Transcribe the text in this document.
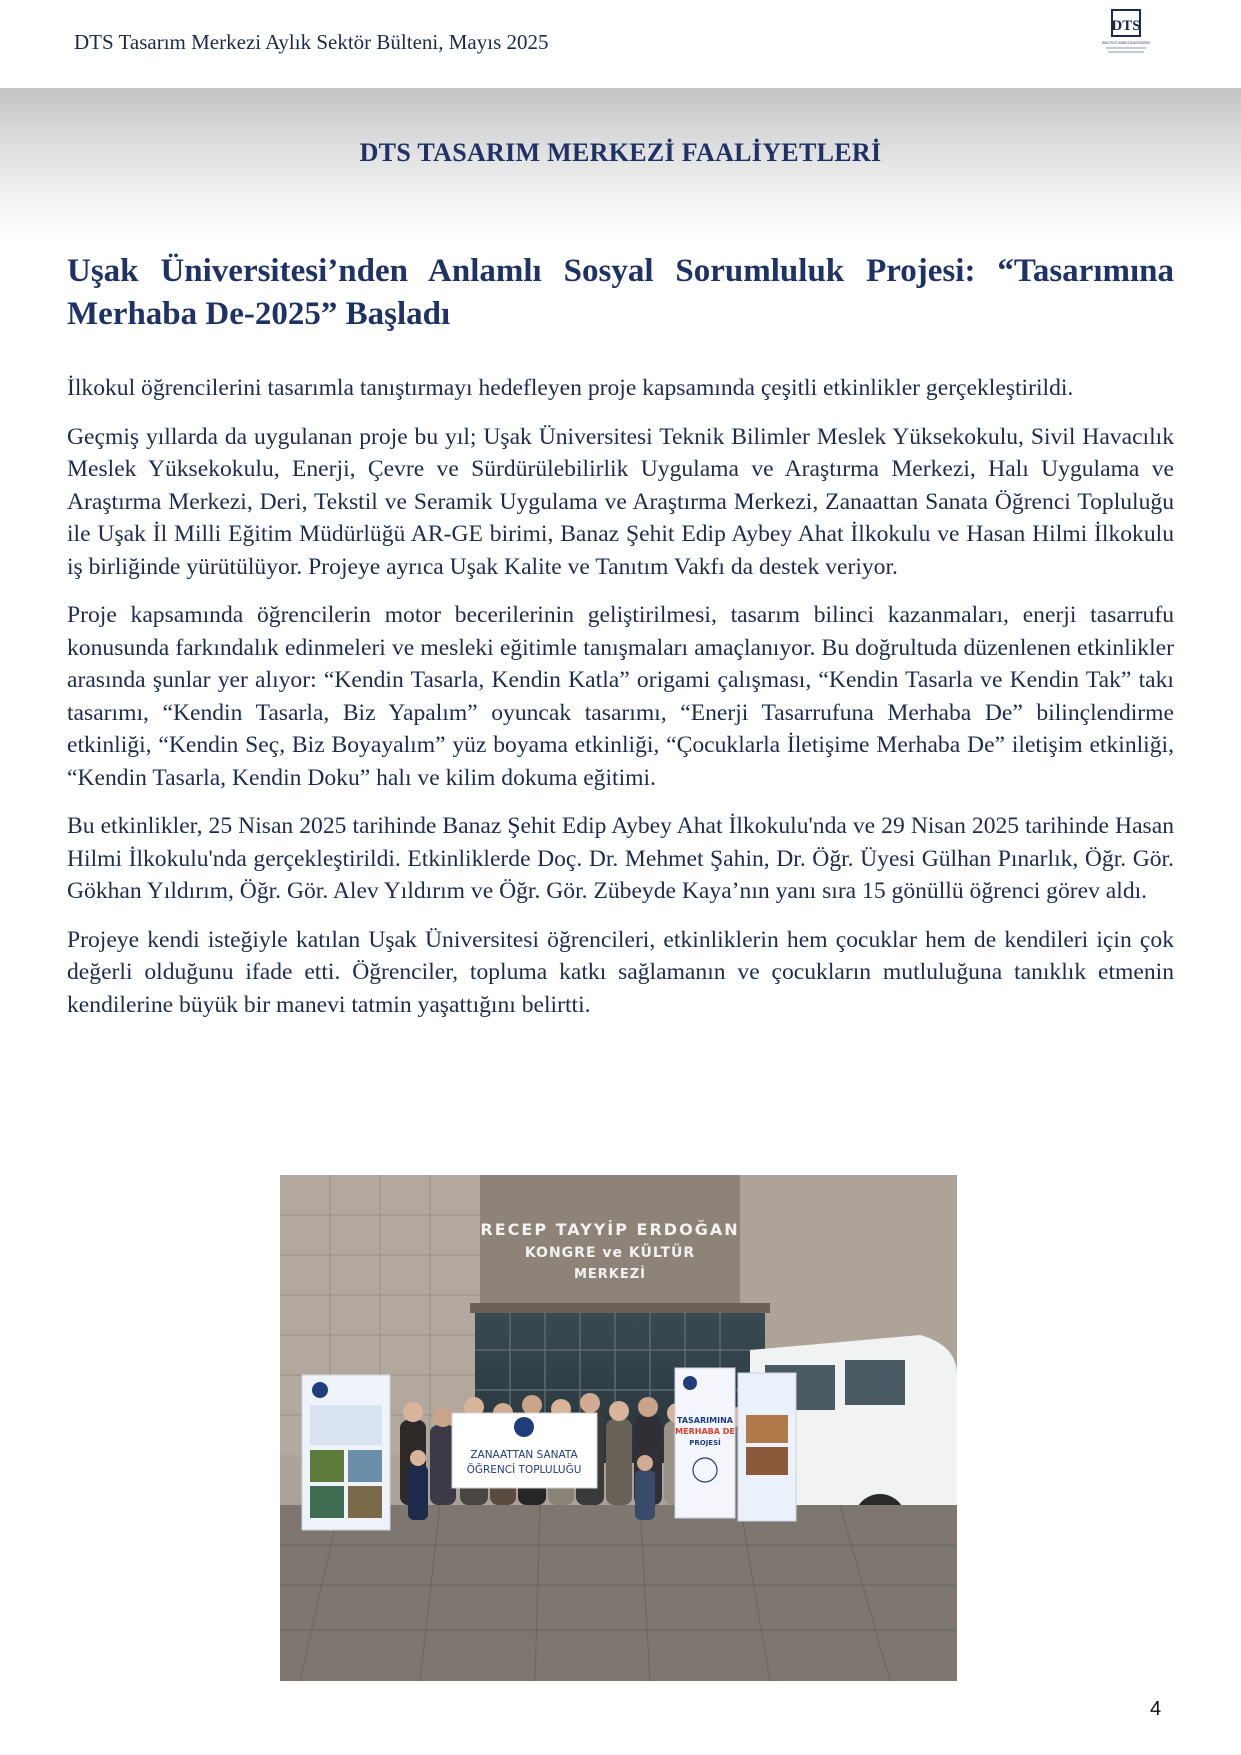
DTS Tasarım Merkezi Aylık Sektör Bülteni, Mayıs 2025
DTS
DENİZLİ TEKSTİL TASARIM VE İNOVASYON MERKEZİ
DTS TASARIM MERKEZİ FAALİYETLERİ
Uşak Üniversitesi’nden Anlamlı Sosyal Sorumluluk Projesi: “Tasarımına Merhaba De-2025” Başladı

İlkokul öğrencilerini tasarımla tanıştırmayı hedefleyen proje kapsamında çeşitli etkinlikler gerçekleştirildi.

Geçmiş yıllarda da uygulanan proje bu yıl; Uşak Üniversitesi Teknik Bilimler Meslek Yüksekokulu, Sivil Havacılık Meslek Yüksekokulu, Enerji, Çevre ve Sürdürülebilirlik Uygulama ve Araştırma Merkezi, Halı Uygulama ve Araştırma Merkezi, Deri, Tekstil ve Seramik Uygulama ve Araştırma Merkezi, Zanaattan Sanata Öğrenci Topluluğu ile Uşak İl Milli Eğitim Müdürlüğü AR-GE birimi, Banaz Şehit Edip Aybey Ahat İlkokulu ve Hasan Hilmi İlkokulu iş birliğinde yürütülüyor. Projeye ayrıca Uşak Kalite ve Tanıtım Vakfı da destek veriyor.

Proje kapsamında öğrencilerin motor becerilerinin geliştirilmesi, tasarım bilinci kazanmaları, enerji tasarrufu konusunda farkındalık edinmeleri ve mesleki eğitimle tanışmaları amaçlanıyor. Bu doğrultuda düzenlenen etkinlikler arasında şunlar yer alıyor: “Kendin Tasarla, Kendin Katla” origami çalışması, “Kendin Tasarla ve Kendin Tak” takı tasarımı, “Kendin Tasarla, Biz Yapalım” oyuncak tasarımı, “Enerji Tasarrufuna Merhaba De” bilinçlendirme etkinliği, “Kendin Seç, Biz Boyayalım” yüz boyama etkinliği, “Çocuklarla İletişime Merhaba De” iletişim etkinliği, “Kendin Tasarla, Kendin Doku” halı ve kilim dokuma eğitimi.

Bu etkinlikler, 25 Nisan 2025 tarihinde Banaz Şehit Edip Aybey Ahat İlkokulu'nda ve 29 Nisan 2025 tarihinde Hasan Hilmi İlkokulu'nda gerçekleştirildi. Etkinliklerde Doç. Dr. Mehmet Şahin, Dr. Öğr. Üyesi Gülhan Pınarlık, Öğr. Gör. Gökhan Yıldırım, Öğr. Gör. Alev Yıldırım ve Öğr. Gör. Zübeyde Kaya’nın yanı sıra 15 gönüllü öğrenci görev aldı.

Projeye kendi isteğiyle katılan Uşak Üniversitesi öğrencileri, etkinliklerin hem çocuklar hem de kendileri için çok değerli olduğunu ifade etti. Öğrenciler, topluma katkı sağlamanın ve çocukların mutluluğuna tanıklık etmenin kendilerine büyük bir manevi tatmin yaşattığını belirtti.

RECEP TAYYİP ERDOĞAN
KONGRE ve KÜLTÜR
MERKEZİ
ZANAATTAN SANATA
ÖĞRENCİ TOPLULUĞU
TASARIMINA
MERHABA DE
PROJESİ
4
